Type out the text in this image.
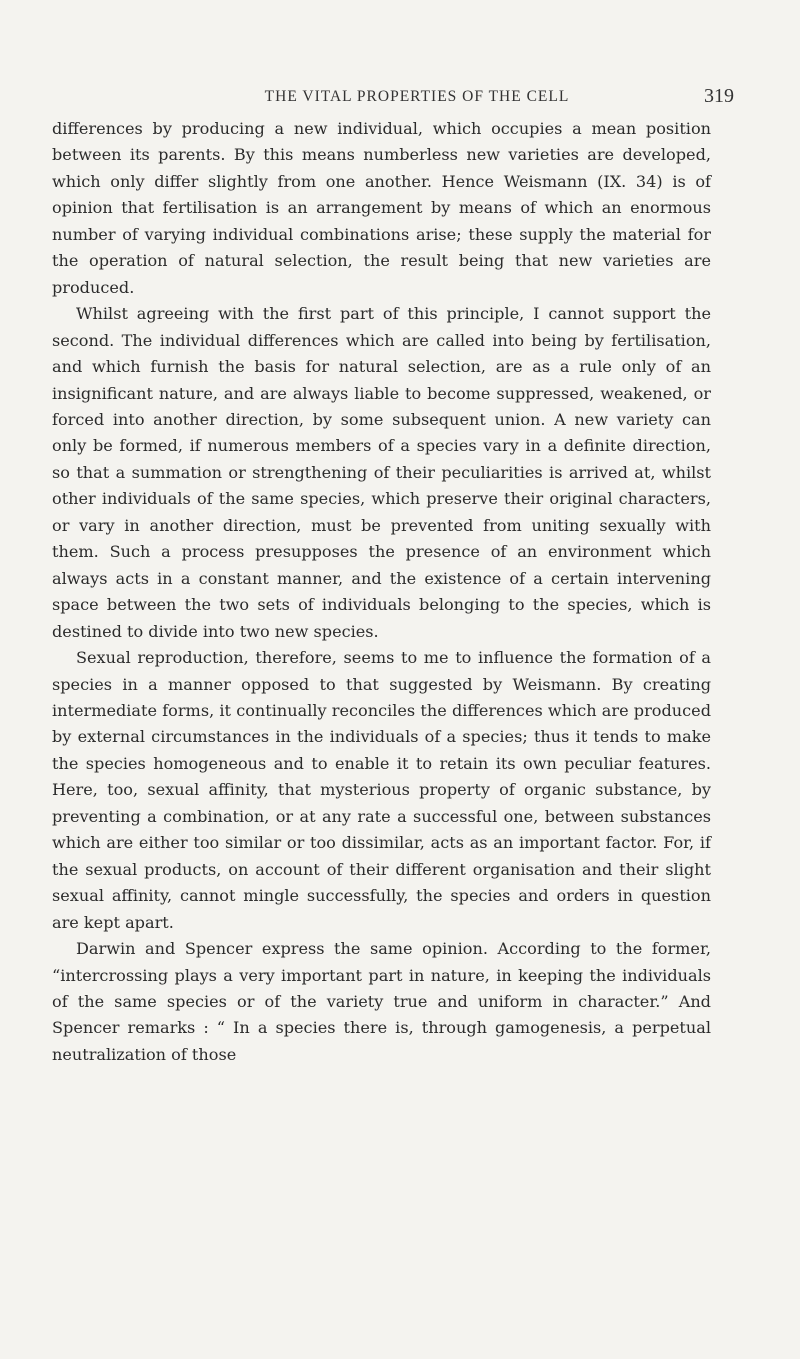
THE VITAL PROPERTIES OF THE CELL	319

differences by producing a new individual, which occupies a mean position between its parents. By this means numberless new varieties are developed, which only differ slightly from one another. Hence Weismann (IX. 34) is of opinion that fertilisation is an arrangement by means of which an enormous number of varying individual combinations arise; these supply the material for the operation of natural selection, the result being that new varieties are produced.

Whilst agreeing with the first part of this principle, I cannot support the second. The individual differences which are called into being by fertilisation, and which furnish the basis for natural selection, are as a rule only of an insignificant nature, and are always liable to become suppressed, weakened, or forced into another direction, by some subsequent union. A new variety can only be formed, if numerous members of a species vary in a definite direction, so that a summation or strengthening of their peculiarities is arrived at, whilst other individuals of the same species, which preserve their original characters, or vary in another direction, must be prevented from uniting sexually with them. Such a process presupposes the presence of an environment which always acts in a constant manner, and the existence of a certain intervening space between the two sets of individuals belonging to the species, which is destined to divide into two new species.

Sexual reproduction, therefore, seems to me to influence the formation of a species in a manner opposed to that suggested by Weismann. By creating intermediate forms, it continually reconciles the differences which are produced by external circumstances in the individuals of a species; thus it tends to make the species homogeneous and to enable it to retain its own peculiar features. Here, too, sexual affinity, that mysterious property of organic substance, by preventing a combination, or at any rate a successful one, between substances which are either too similar or too dissimilar, acts as an important factor. For, if the sexual products, on account of their different organisation and their slight sexual affinity, cannot mingle successfully, the species and orders in question are kept apart.

Darwin and Spencer express the same opinion. According to the former, “intercrossing plays a very important part in nature, in keeping the individuals of the same species or of the variety true and uniform in character.” And Spencer remarks : “ In a species there is, through gamogenesis, a perpetual neutralization of those
